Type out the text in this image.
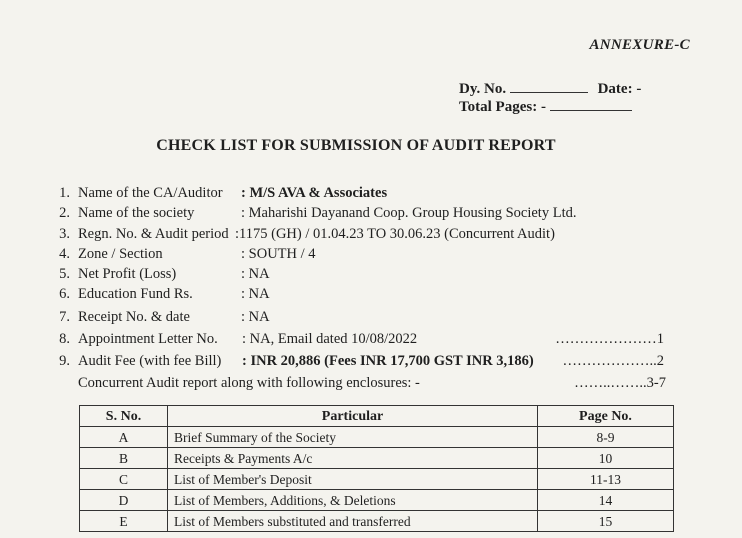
ANNEXURE-C
Dy. No.	Date: -
Total Pages: -
CHECK LIST FOR SUBMISSION OF AUDIT REPORT
1. Name of the CA/Auditor : M/S AVA & Associates
2. Name of the society	: Maharishi Dayanand Coop. Group Housing Society Ltd.
3. Regn. No. & Audit period :1175 (GH) / 01.04.23 TO 30.06.23 (Concurrent Audit)
4. Zone / Section	: SOUTH / 4
5. Net Profit (Loss)	: NA
6. Education Fund Rs.	: NA
7. Receipt No. & date	: NA
8. Appointment Letter No. : NA, Email dated 10/08/2022	…………………1
9. Audit Fee (with fee Bill) : INR 20,886 (Fees INR 17,700 GST INR 3,186) ………………..2
Concurrent Audit report along with following enclosures: -	……..……..3-7
S. No.	Particular	Page No.
A	Brief Summary of the Society	8-9
B	Receipts & Payments A/c	10
C	List of Member's Deposit	11-13
D	List of Members, Additions, & Deletions	14
E	List of Members substituted and transferred	15
